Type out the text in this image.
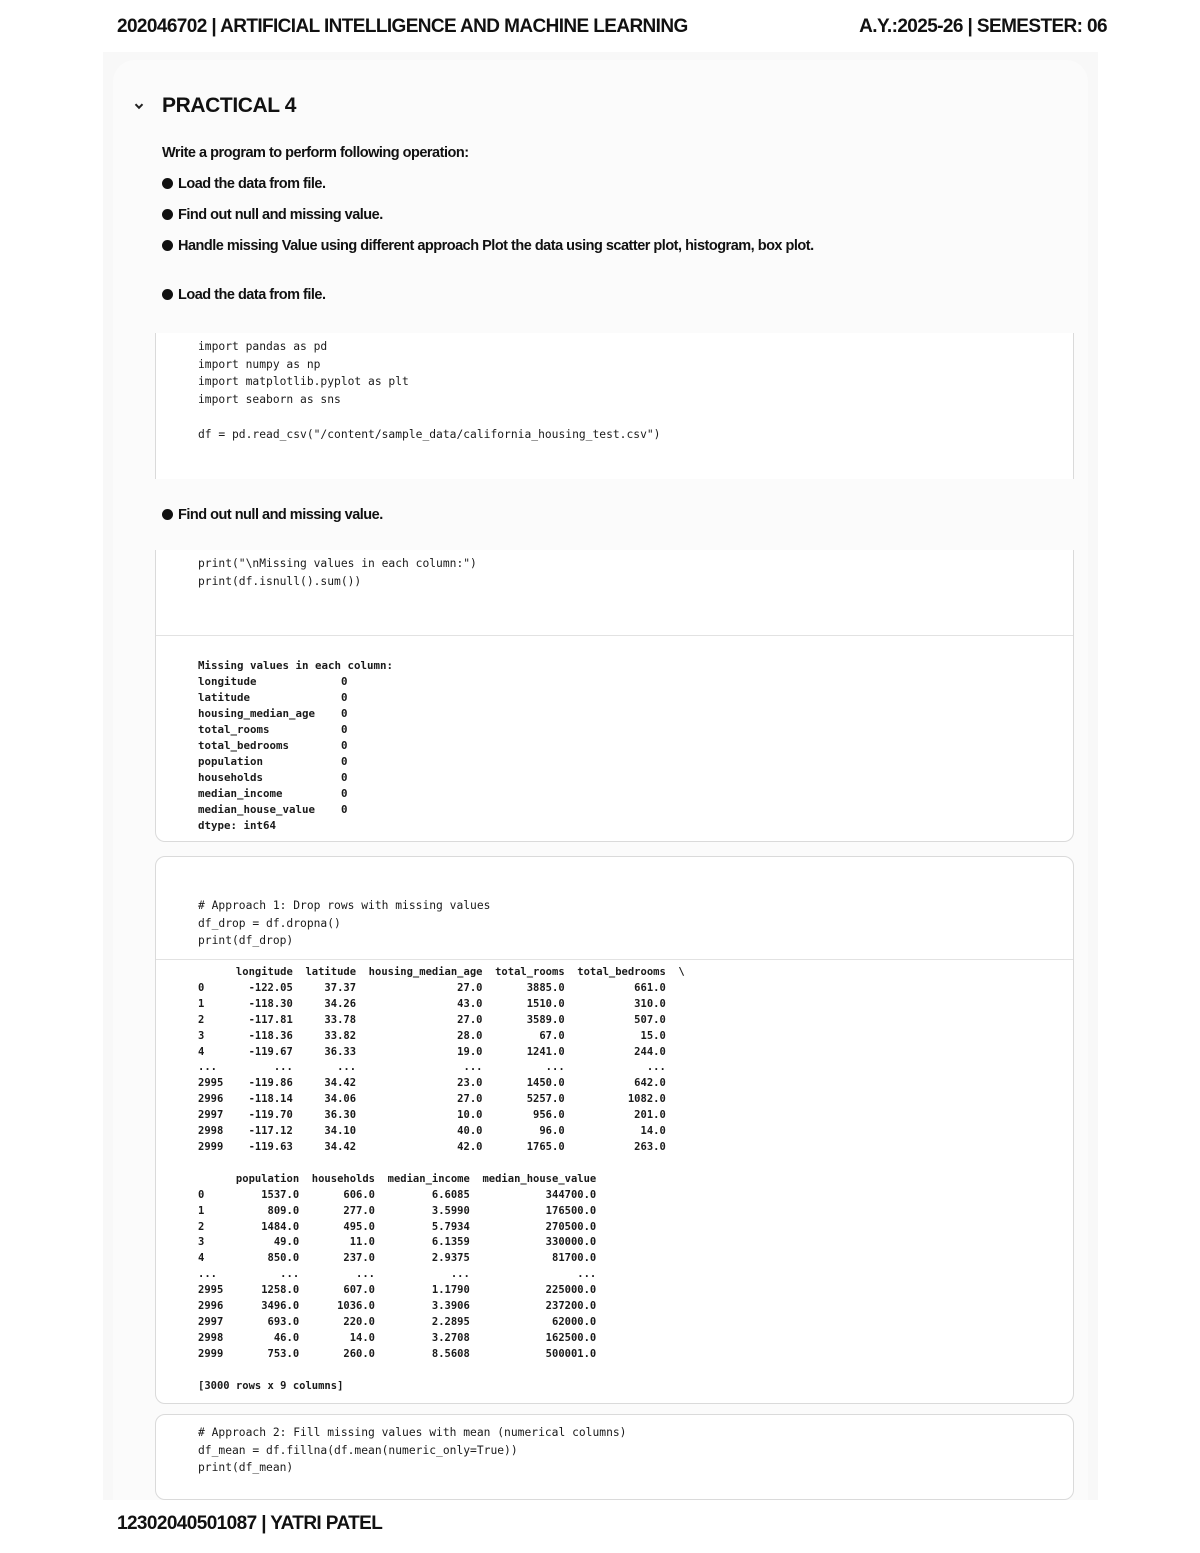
202046702 | ARTIFICIAL INTELLIGENCE AND MACHINE LEARNING	A.Y.:2025-26 | SEMESTER: 06
PRACTICAL 4
Write a program to perform following operation:
Load the data from file.
Find out null and missing value.
Handle missing Value using different approach Plot the data using scatter plot, histogram, box plot.
Load the data from file.
import pandas as pd
import numpy as np
import matplotlib.pyplot as plt
import seaborn as sns

df = pd.read_csv("/content/sample_data/california_housing_test.csv")
Find out null and missing value.
print("\nMissing values in each column:")
print(df.isnull().sum())
Missing values in each column:
longitude             0
latitude              0
housing_median_age    0
total_rooms           0
total_bedrooms        0
population            0
households            0
median_income         0
median_house_value    0
dtype: int64
# Approach 1: Drop rows with missing values
df_drop = df.dropna()
print(df_drop)
longitude  latitude  housing_median_age  total_rooms  total_bedrooms  \
0       -122.05     37.37                27.0       3885.0           661.0
1       -118.30     34.26                43.0       1510.0           310.0
2       -117.81     33.78                27.0       3589.0           507.0
3       -118.36     33.82                28.0         67.0            15.0
4       -119.67     36.33                19.0       1241.0           244.0
...         ...       ...                 ...          ...             ...
2995    -119.86     34.42                23.0       1450.0           642.0
2996    -118.14     34.06                27.0       5257.0          1082.0
2997    -119.70     36.30                10.0        956.0           201.0
2998    -117.12     34.10                40.0         96.0            14.0
2999    -119.63     34.42                42.0       1765.0           263.0

population  households  median_income  median_house_value
0         1537.0       606.0         6.6085            344700.0
1          809.0       277.0         3.5990            176500.0
2         1484.0       495.0         5.7934            270500.0
3           49.0        11.0         6.1359            330000.0
4          850.0       237.0         2.9375             81700.0
...          ...         ...            ...                 ...
2995      1258.0       607.0         1.1790            225000.0
2996      3496.0      1036.0         3.3906            237200.0
2997       693.0       220.0         2.2895             62000.0
2998        46.0        14.0         3.2708            162500.0
2999       753.0       260.0         8.5608            500001.0

[3000 rows x 9 columns]
# Approach 2: Fill missing values with mean (numerical columns)
df_mean = df.fillna(df.mean(numeric_only=True))
print(df_mean)
12302040501087 | YATRI PATEL
